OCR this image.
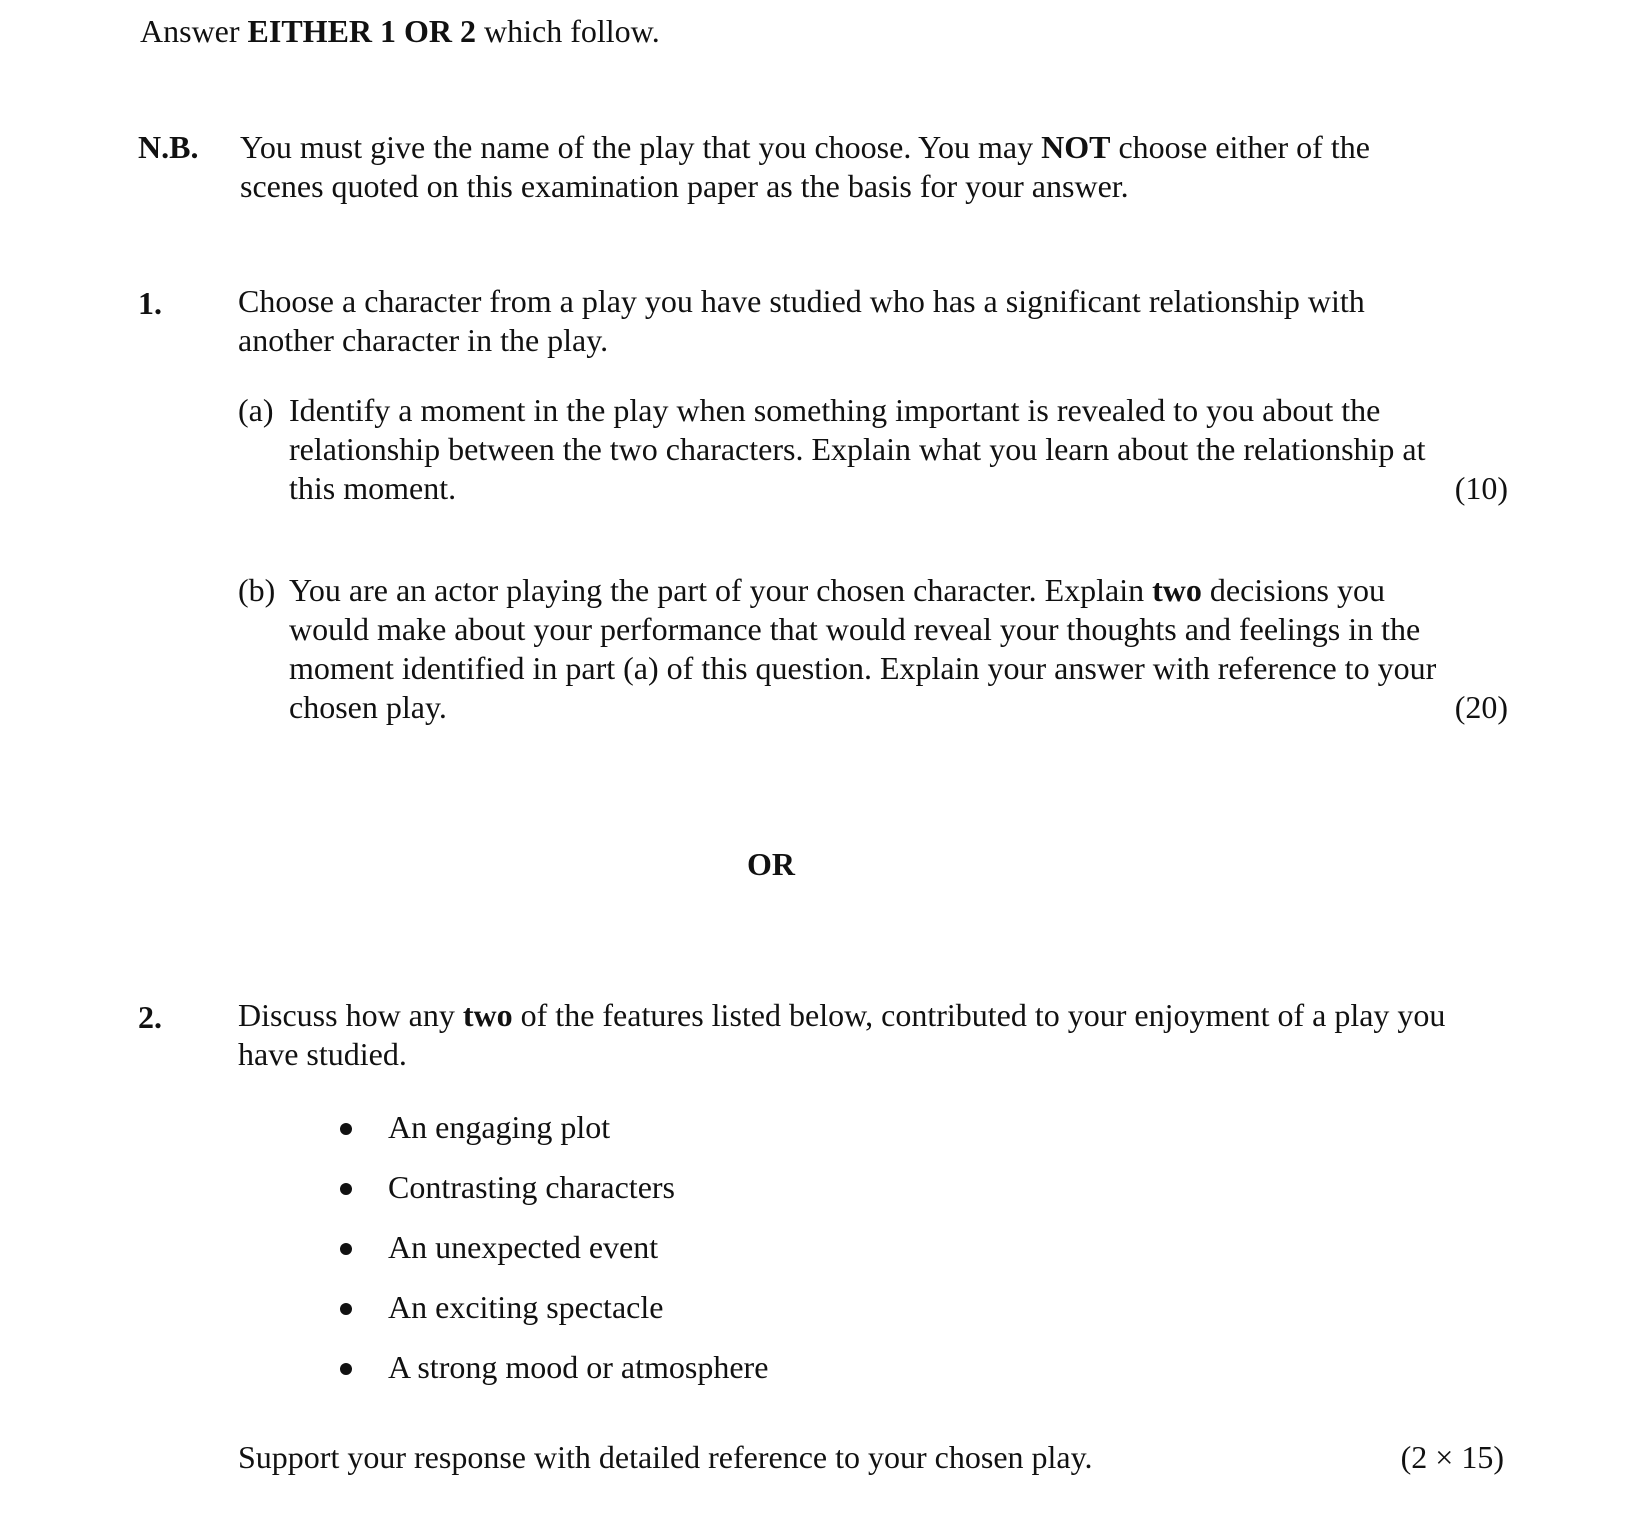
Answer EITHER 1 OR 2 which follow.
N.B. You must give the name of the play that you choose. You may NOT choose either of the
scenes quoted on this examination paper as the basis for your answer.
1. Choose a character from a play you have studied who has a significant relationship with
another character in the play.
(a) Identify a moment in the play when something important is revealed to you about the
relationship between the two characters. Explain what you learn about the relationship at
this moment.	(10)
(b) You are an actor playing the part of your chosen character. Explain two decisions you
would make about your performance that would reveal your thoughts and feelings in the
moment identified in part (a) of this question. Explain your answer with reference to your
chosen play.	(20)
OR
2. Discuss how any two of the features listed below, contributed to your enjoyment of a play you
have studied.
An engaging plot
Contrasting characters
An unexpected event
An exciting spectacle
A strong mood or atmosphere
Support your response with detailed reference to your chosen play.	(2 × 15)
